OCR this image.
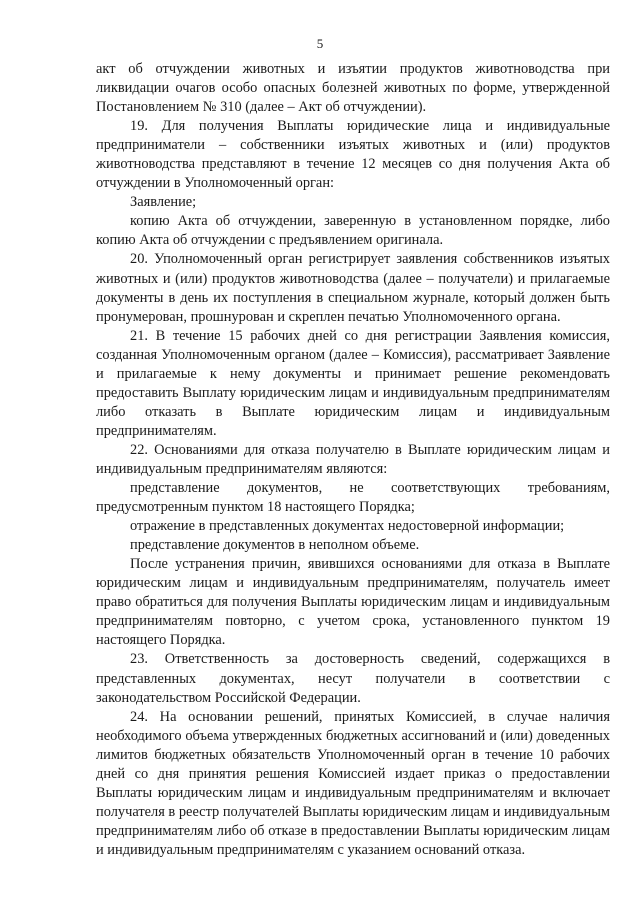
5

акт об отчуждении животных и изъятии продуктов животноводства при ликвидации очагов особо опасных болезней животных по форме, утвержденной Постановлением № 310 (далее – Акт об отчуждении).

19. Для получения Выплаты юридические лица и индивидуальные предприниматели – собственники изъятых животных и (или) продуктов животноводства представляют в течение 12 месяцев со дня получения Акта об отчуждении в Уполномоченный орган:

Заявление;

копию Акта об отчуждении, заверенную в установленном порядке, либо копию Акта об отчуждении с предъявлением оригинала.

20. Уполномоченный орган регистрирует заявления собственников изъятых животных и (или) продуктов животноводства (далее – получатели) и прилагаемые документы в день их поступления в специальном журнале, который должен быть пронумерован, прошнурован и скреплен печатью Уполномоченного органа.

21. В течение 15 рабочих дней со дня регистрации Заявления комиссия, созданная Уполномоченным органом (далее – Комиссия), рассматривает Заявление и прилагаемые к нему документы и принимает решение рекомендовать предоставить Выплату юридическим лицам и индивидуальным предпринимателям либо отказать в Выплате юридическим лицам и индивидуальным предпринимателям.

22. Основаниями для отказа получателю в Выплате юридическим лицам и индивидуальным предпринимателям являются:

представление документов, не соответствующих требованиям, предусмотренным пунктом 18 настоящего Порядка;

отражение в представленных документах недостоверной информации;

представление документов в неполном объеме.

После устранения причин, явившихся основаниями для отказа в Выплате юридическим лицам и индивидуальным предпринимателям, получатель имеет право обратиться для получения Выплаты юридическим лицам и индивидуальным предпринимателям повторно, с учетом срока, установленного пунктом 19 настоящего Порядка.

23. Ответственность за достоверность сведений, содержащихся в представленных документах, несут получатели в соответствии с законодательством Российской Федерации.

24. На основании решений, принятых Комиссией, в случае наличия необходимого объема утвержденных бюджетных ассигнований и (или) доведенных лимитов бюджетных обязательств Уполномоченный орган в течение 10 рабочих дней со дня принятия решения Комиссией издает приказ о предоставлении Выплаты юридическим лицам и индивидуальным предпринимателям и включает получателя в реестр получателей Выплаты юридическим лицам и индивидуальным предпринимателям либо об отказе в предоставлении Выплаты юридическим лицам и индивидуальным предпринимателям с указанием оснований отказа.
